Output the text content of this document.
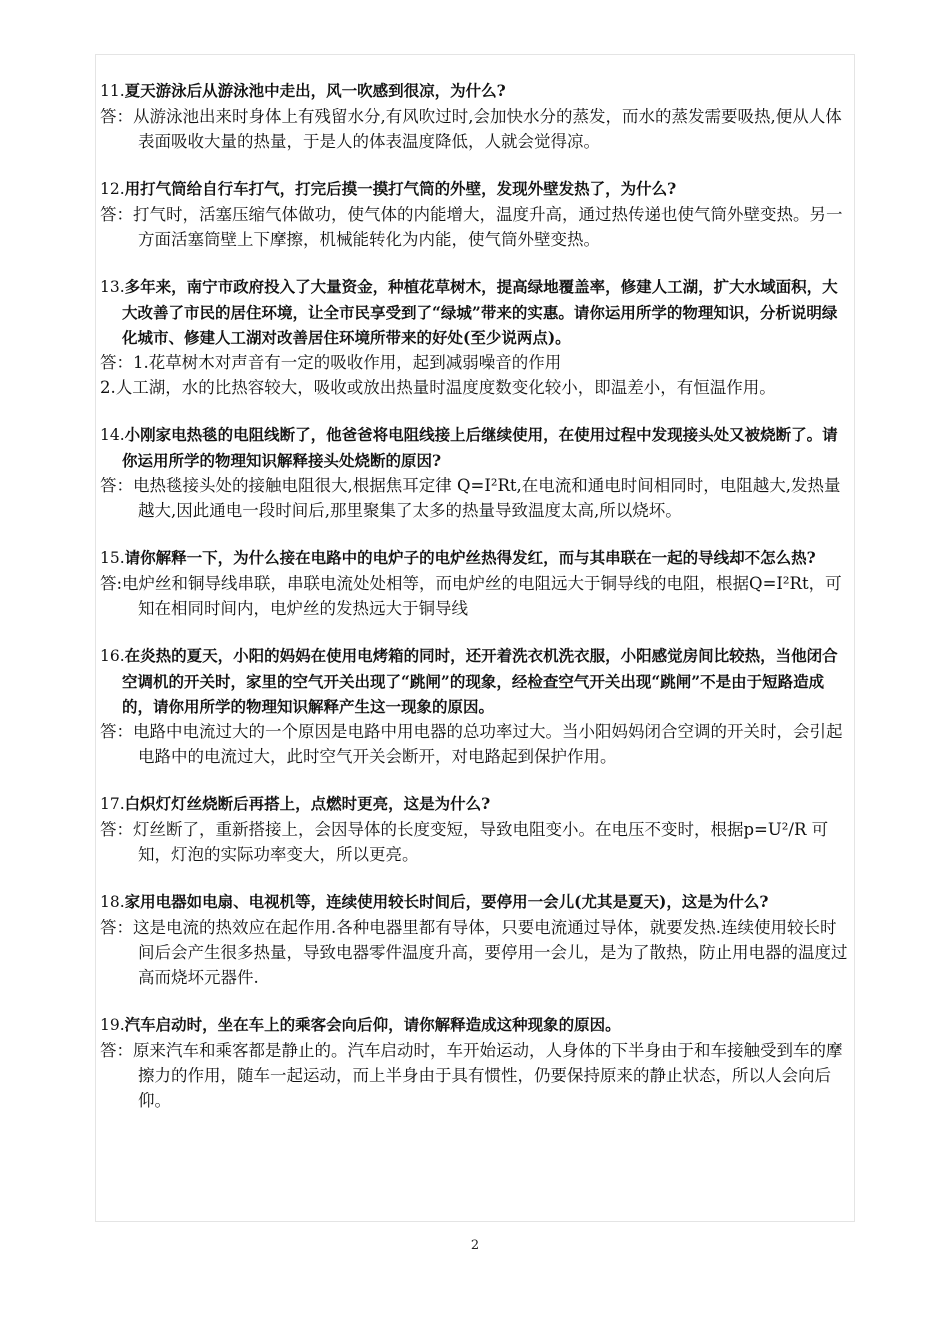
11.夏天游泳后从游泳池中走出，风一吹感到很凉，为什么?
答：从游泳池出来时身体上有残留水分,有风吹过时,会加快水分的蒸发，而水的蒸发需要吸热,便从人体表面吸收大量的热量，于是人的体表温度降低，人就会觉得凉。
12.用打气筒给自行车打气，打完后摸一摸打气筒的外壁，发现外壁发热了，为什么?
答：打气时，活塞压缩气体做功，使气体的内能增大，温度升高，通过热传递也使气筒外壁变热。另一方面活塞筒壁上下摩擦，机械能转化为内能，使气筒外壁变热。
13.多年来，南宁市政府投入了大量资金，种植花草树木，提高绿地覆盖率，修建人工湖，扩大水域面积，大大改善了市民的居住环境，让全市民享受到了“绿城”带来的实惠。请你运用所学的物理知识，分析说明绿化城市、修建人工湖对改善居住环境所带来的好处(至少说两点)。
答：1.花草树木对声音有一定的吸收作用，起到减弱噪音的作用
2.人工湖，水的比热容较大，吸收或放出热量时温度度数变化较小，即温差小，有恒温作用。
14.小刚家电热毯的电阻线断了，他爸爸将电阻线接上后继续使用，在使用过程中发现接头处又被烧断了。请你运用所学的物理知识解释接头处烧断的原因?
答：电热毯接头处的接触电阻很大,根据焦耳定律 Q=I²Rt,在电流和通电时间相同时，电阻越大,发热量越大,因此通电一段时间后,那里聚集了太多的热量导致温度太高,所以烧坏。
15.请你解释一下，为什么接在电路中的电炉子的电炉丝热得发红，而与其串联在一起的导线却不怎么热?
答:电炉丝和铜导线串联，串联电流处处相等，而电炉丝的电阻远大于铜导线的电阻，根据Q=I²Rt，可知在相同时间内，电炉丝的发热远大于铜导线
16.在炎热的夏天，小阳的妈妈在使用电烤箱的同时，还开着洗衣机洗衣服，小阳感觉房间比较热，当他闭合空调机的开关时，家里的空气开关出现了“跳闸”的现象，经检查空气开关出现“跳闸”不是由于短路造成的，请你用所学的物理知识解释产生这一现象的原因。
答：电路中电流过大的一个原因是电路中用电器的总功率过大。当小阳妈妈闭合空调的开关时，会引起电路中的电流过大，此时空气开关会断开，对电路起到保护作用。
17.白炽灯灯丝烧断后再搭上，点燃时更亮，这是为什么?
答：灯丝断了，重新搭接上，会因导体的长度变短，导致电阻变小。在电压不变时，根据p=U²/R 可知，灯泡的实际功率变大，所以更亮。
18.家用电器如电扇、电视机等，连续使用较长时间后，要停用一会儿(尤其是夏天)，这是为什么?
答：这是电流的热效应在起作用.各种电器里都有导体，只要电流通过导体，就要发热.连续使用较长时间后会产生很多热量，导致电器零件温度升高，要停用一会儿，是为了散热，防止用电器的温度过高而烧坏元器件.
19.汽车启动时，坐在车上的乘客会向后仰，请你解释造成这种现象的原因。
答：原来汽车和乘客都是静止的。汽车启动时，车开始运动，人身体的下半身由于和车接触受到车的摩擦力的作用，随车一起运动，而上半身由于具有惯性，仍要保持原来的静止状态，所以人会向后仰。
2
